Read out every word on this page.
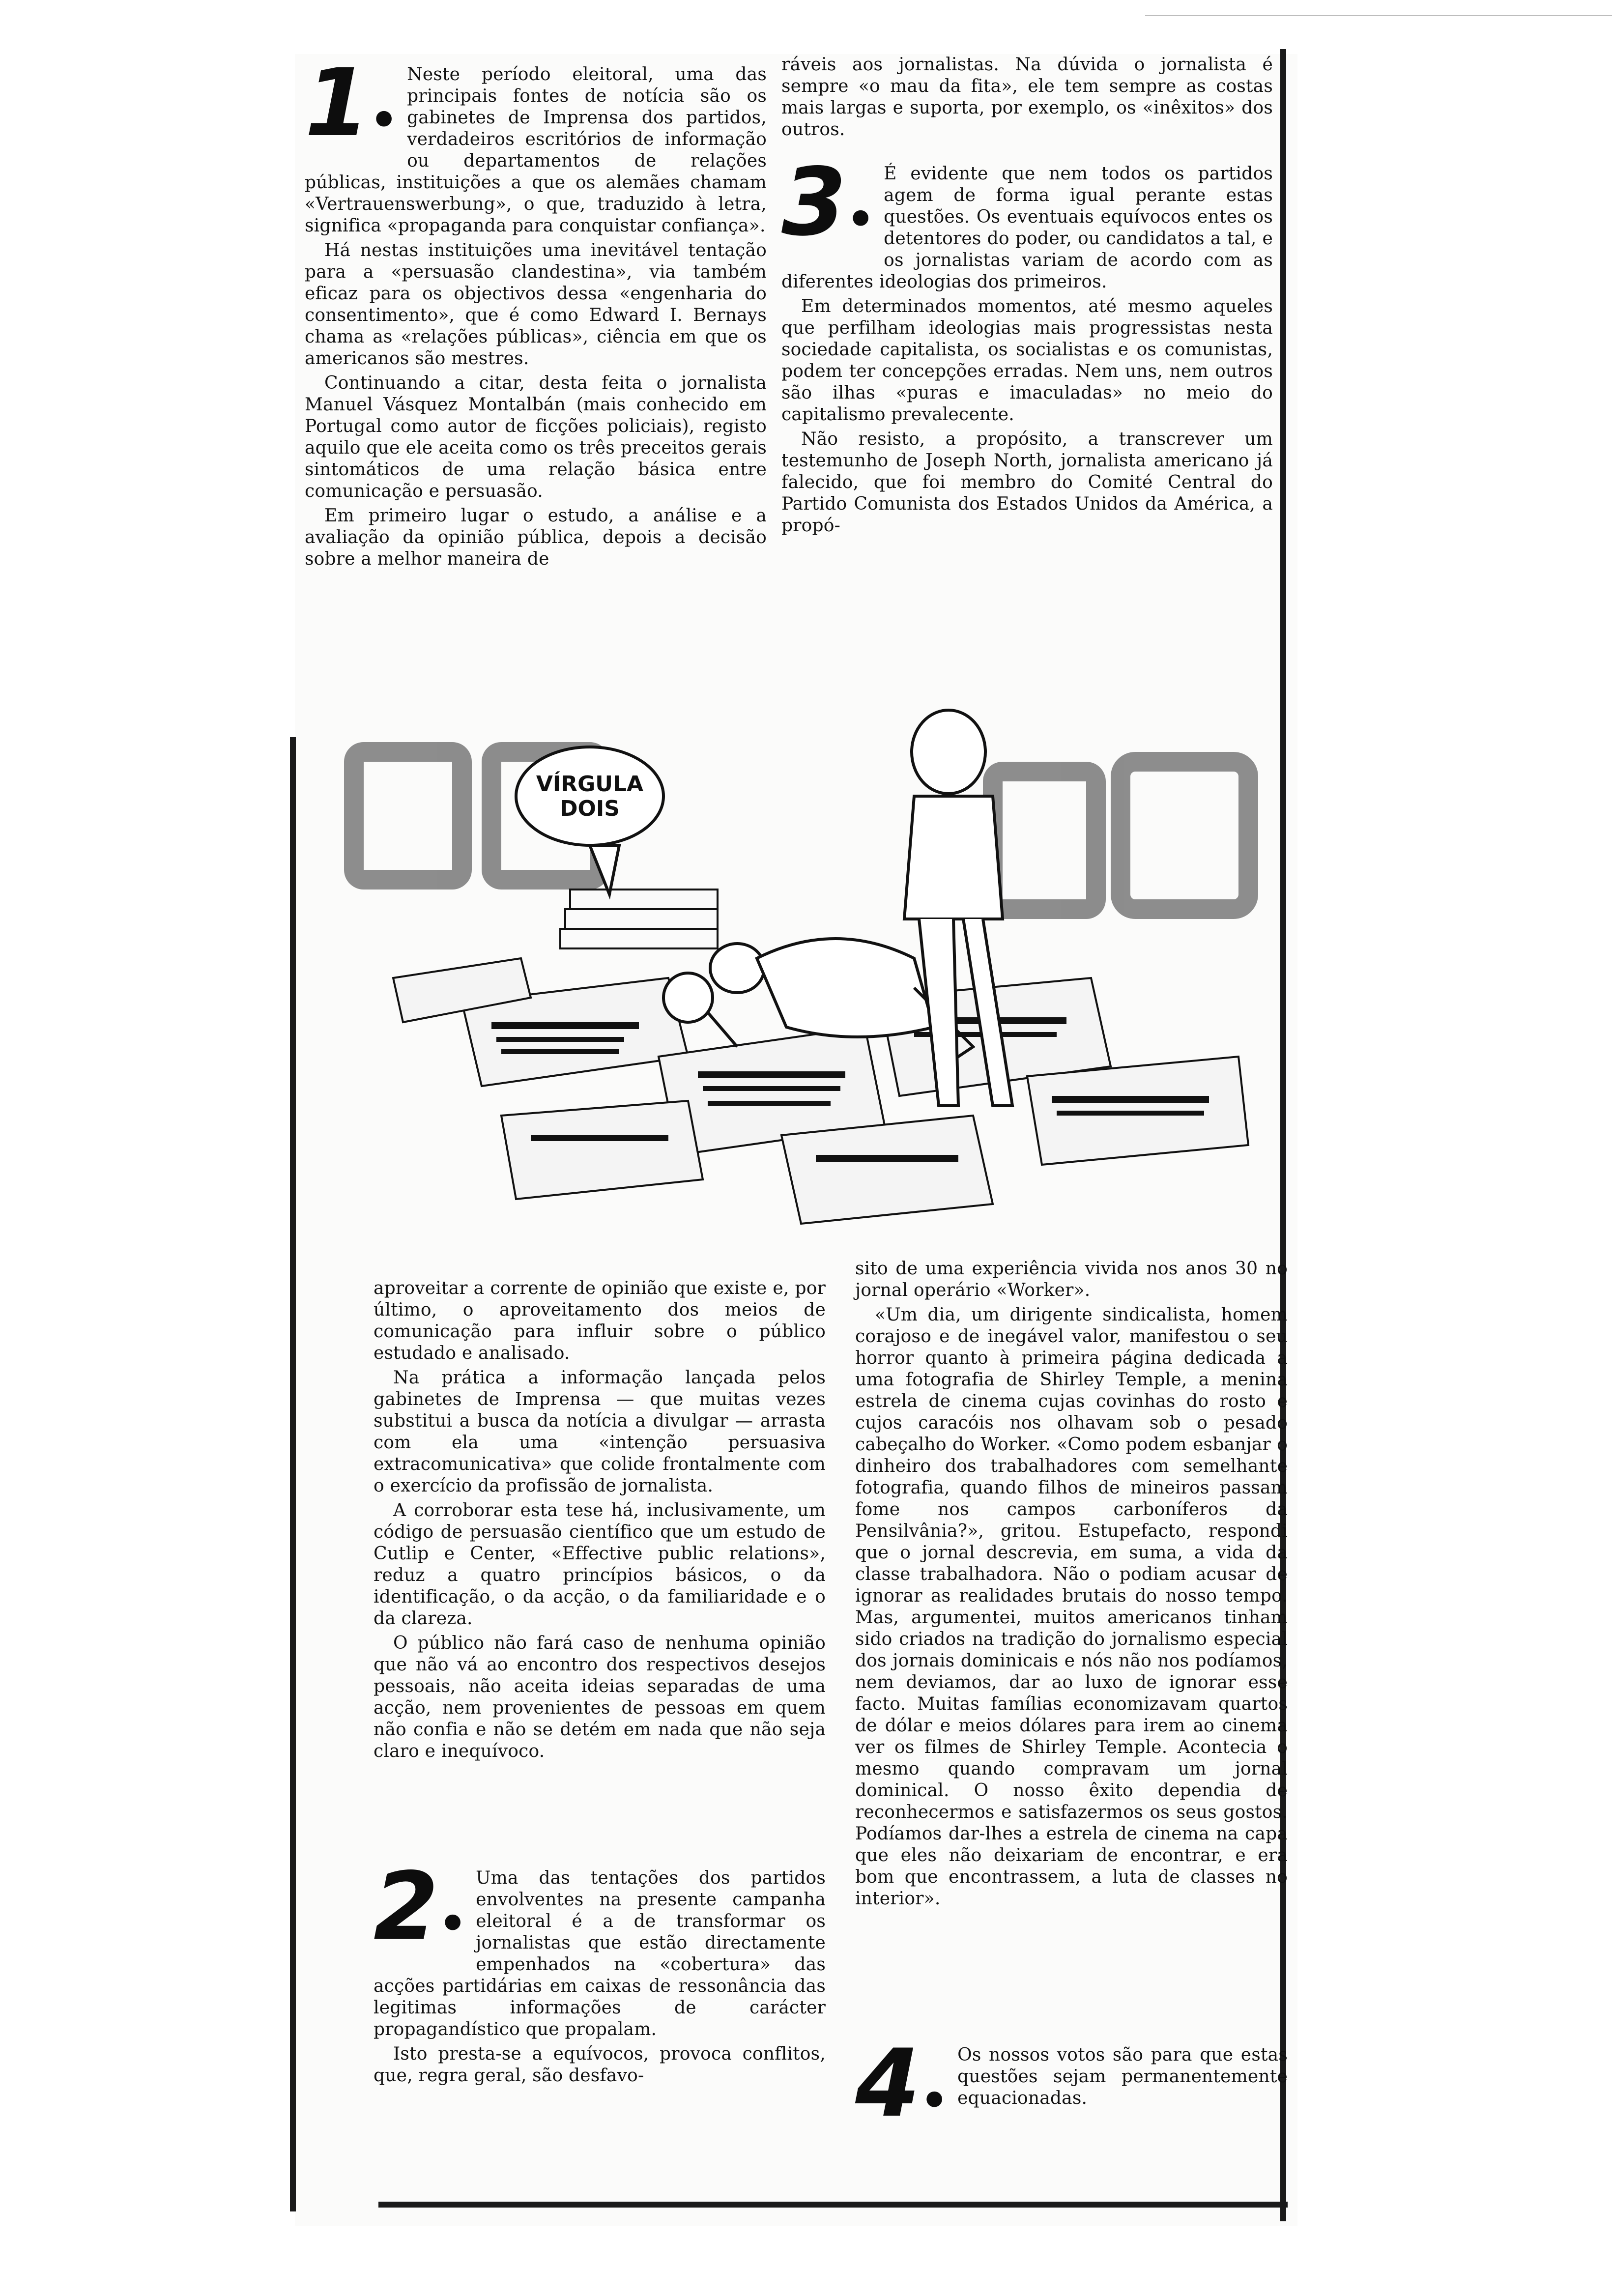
1•

Neste período eleitoral, uma das principais fontes de notícia são os gabinetes de Imprensa dos partidos, verdadeiros escritórios de informação ou departamentos de relações públicas, instituições a que os alemães chamam «Vertrauenswerbung», o que, traduzido à letra, significa «propaganda para conquistar confiança».

Há nestas instituições uma inevitável tentação para a «persuasão clandestina», via também eficaz para os objectivos dessa «engenharia do consentimento», que é como Edward I. Bernays chama as «relações públicas», ciência em que os americanos são mestres.

Continuando a citar, desta feita o jornalista Manuel Vásquez Montalbán (mais conhecido em Portugal como autor de ficções policiais), registo aquilo que ele aceita como os três preceitos gerais sintomáticos de uma relação básica entre comunicação e persuasão.

Em primeiro lugar o estudo, a análise e a avaliação da opinião pública, depois a decisão sobre a melhor maneira de

ráveis aos jornalistas. Na dúvida o jornalista é sempre «o mau da fita», ele tem sempre as costas mais largas e suporta, por exemplo, os «inêxitos» dos outros.

3•

É evidente que nem todos os partidos agem de forma igual perante estas questões. Os eventuais equívocos entes os detentores do poder, ou candidatos a tal, e os jornalistas variam de acordo com as diferentes ideologias dos primeiros.

Em determinados momentos, até mesmo aqueles que perfilham ideologias mais progressistas nesta sociedade capitalista, os socialistas e os comunistas, podem ter concepções erradas. Nem uns, nem outros são ilhas «puras e imaculadas» no meio do capitalismo prevalecente.

Não resisto, a propósito, a transcrever um testemunho de Joseph North, jornalista americano já falecido, que foi membro do Comité Central do Partido Comunista dos Estados Unidos da América, a propó-

VÍRGULA
DOIS

aproveitar a corrente de opinião que existe e, por último, o aproveitamento dos meios de comunicação para influir sobre o público estudado e analisado.

Na prática a informação lançada pelos gabinetes de Imprensa — que muitas vezes substitui a busca da notícia a divulgar — arrasta com ela uma «intenção persuasiva extracomunicativa» que colide frontalmente com o exercício da profissão de jornalista.

A corroborar esta tese há, inclusivamente, um código de persuasão científico que um estudo de Cutlip e Center, «Effective public relations», reduz a quatro princípios básicos, o da identificação, o da acção, o da familiaridade e o da clareza.

O público não fará caso de nenhuma opinião que não vá ao encontro dos respectivos desejos pessoais, não aceita ideias separadas de uma acção, nem provenientes de pessoas em quem não confia e não se detém em nada que não seja claro e inequívoco.

sito de uma experiência vivida nos anos 30 no jornal operário «Worker».

«Um dia, um dirigente sindicalista, homem corajoso e de inegável valor, manifestou o seu horror quanto à primeira página dedicada a uma fotografia de Shirley Temple, a menina estrela de cinema cujas covinhas do rosto e cujos caracóis nos olhavam sob o pesado cabeçalho do Worker. «Como podem esbanjar o dinheiro dos trabalhadores com semelhante fotografia, quando filhos de mineiros passam fome nos campos carboníferos da Pensilvânia?», gritou. Estupefacto, respondi que o jornal descrevia, em suma, a vida da classe trabalhadora. Não o podiam acusar de ignorar as realidades brutais do nosso tempo. Mas, argumentei, muitos americanos tinham sido criados na tradição do jornalismo especial dos jornais dominicais e nós não nos podíamos, nem deviamos, dar ao luxo de ignorar esse facto. Muitas famílias economizavam quartos de dólar e meios dólares para irem ao cinema ver os filmes de Shirley Temple. Acontecia o mesmo quando compravam um jornal dominical. O nosso êxito dependia de reconhecermos e satisfazermos os seus gostos. Podíamos dar-lhes a estrela de cinema na capa que eles não deixariam de encontrar, e era bom que encontrassem, a luta de classes no interior».

2•

Uma das tentações dos partidos envolventes na presente campanha eleitoral é a de transformar os jornalistas que estão directamente empenhados na «cobertura» das acções partidárias em caixas de ressonância das legitimas informações de carácter propagandístico que propalam.

Isto presta-se a equívocos, provoca conflitos, que, regra geral, são desfavo-	4•

Os nossos votos são para que estas questões sejam permanentemente equacionadas.
